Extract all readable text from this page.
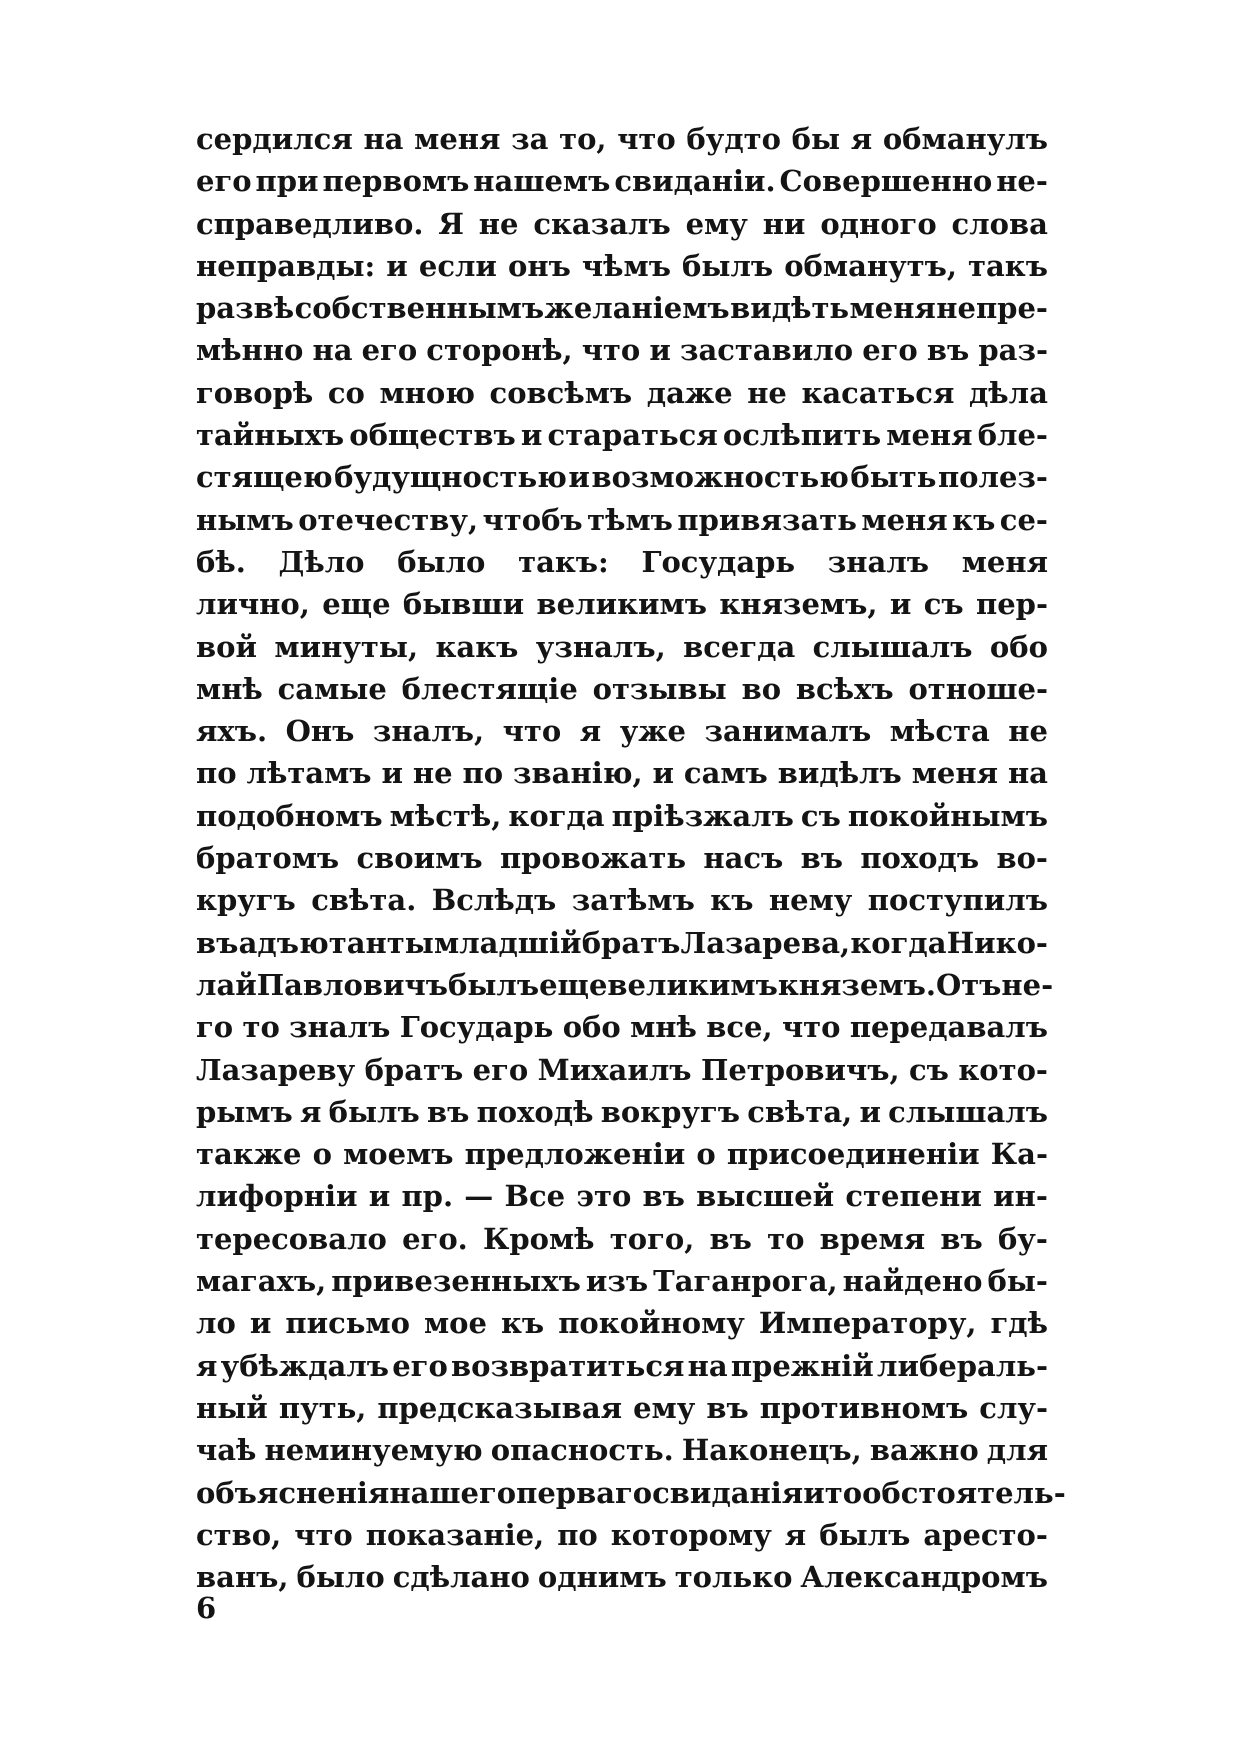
сердился на меня за то, что будто бы я обманулъ
его при первомъ нашемъ свиданіи. Совершенно не-
справедливо. Я не сказалъ ему ни одного слова
неправды: и если онъ чѣмъ былъ обманутъ, такъ
развѣ собственнымъ желаніемъ видѣть меня непре-
мѣнно на его сторонѣ, что и заставило его въ раз-
говорѣ со мною совсѣмъ даже не касаться дѣла
тайныхъ обществъ и стараться ослѣпить меня бле-
стящею будущностью и возможностью быть полез-
нымъ отечеству, чтобъ тѣмъ привязать меня къ се-
бѣ. Дѣло было такъ: Государь зналъ меня
лично, еще бывши великимъ княземъ, и съ пер-
вой минуты, какъ узналъ, всегда слышалъ обо
мнѣ самые блестящіе отзывы во всѣхъ отноше-
яхъ. Онъ зналъ, что я уже занималъ мѣста не
по лѣтамъ и не по званію, и самъ видѣлъ меня на
подобномъ мѣстѣ, когда пріѣзжалъ съ покойнымъ
братомъ своимъ провожать насъ въ походъ во-
кругъ свѣта. Вслѣдъ затѣмъ къ нему поступилъ
въ адъютанты младшій братъ Лазарева, когда Нико-
лай Павловичъ былъ еще великимъ княземъ. Отъ не-
го то зналъ Государь обо мнѣ все, что передавалъ
Лазареву братъ его Михаилъ Петровичъ, съ кото-
рымъ я былъ въ походѣ вокругъ свѣта, и слышалъ
также о моемъ предложеніи о присоединеніи Ка-
лифорніи и пр. — Все это въ высшей степени ин-
тересовало его. Кромѣ того, въ то время въ бу-
магахъ, привезенныхъ изъ Таганрога, найдено бы-
ло и письмо мое къ покойному Императору, гдѣ
я убѣждалъ его возвратиться на прежній либераль-
ный путь, предсказывая ему въ противномъ слу-
чаѣ неминуемую опасность. Наконецъ, важно для
объясненія нашего перваго свиданія и то обстоятель-
ство, что показаніе, по которому я былъ аресто-
ванъ, было сдѣлано однимъ только Александромъ
6
